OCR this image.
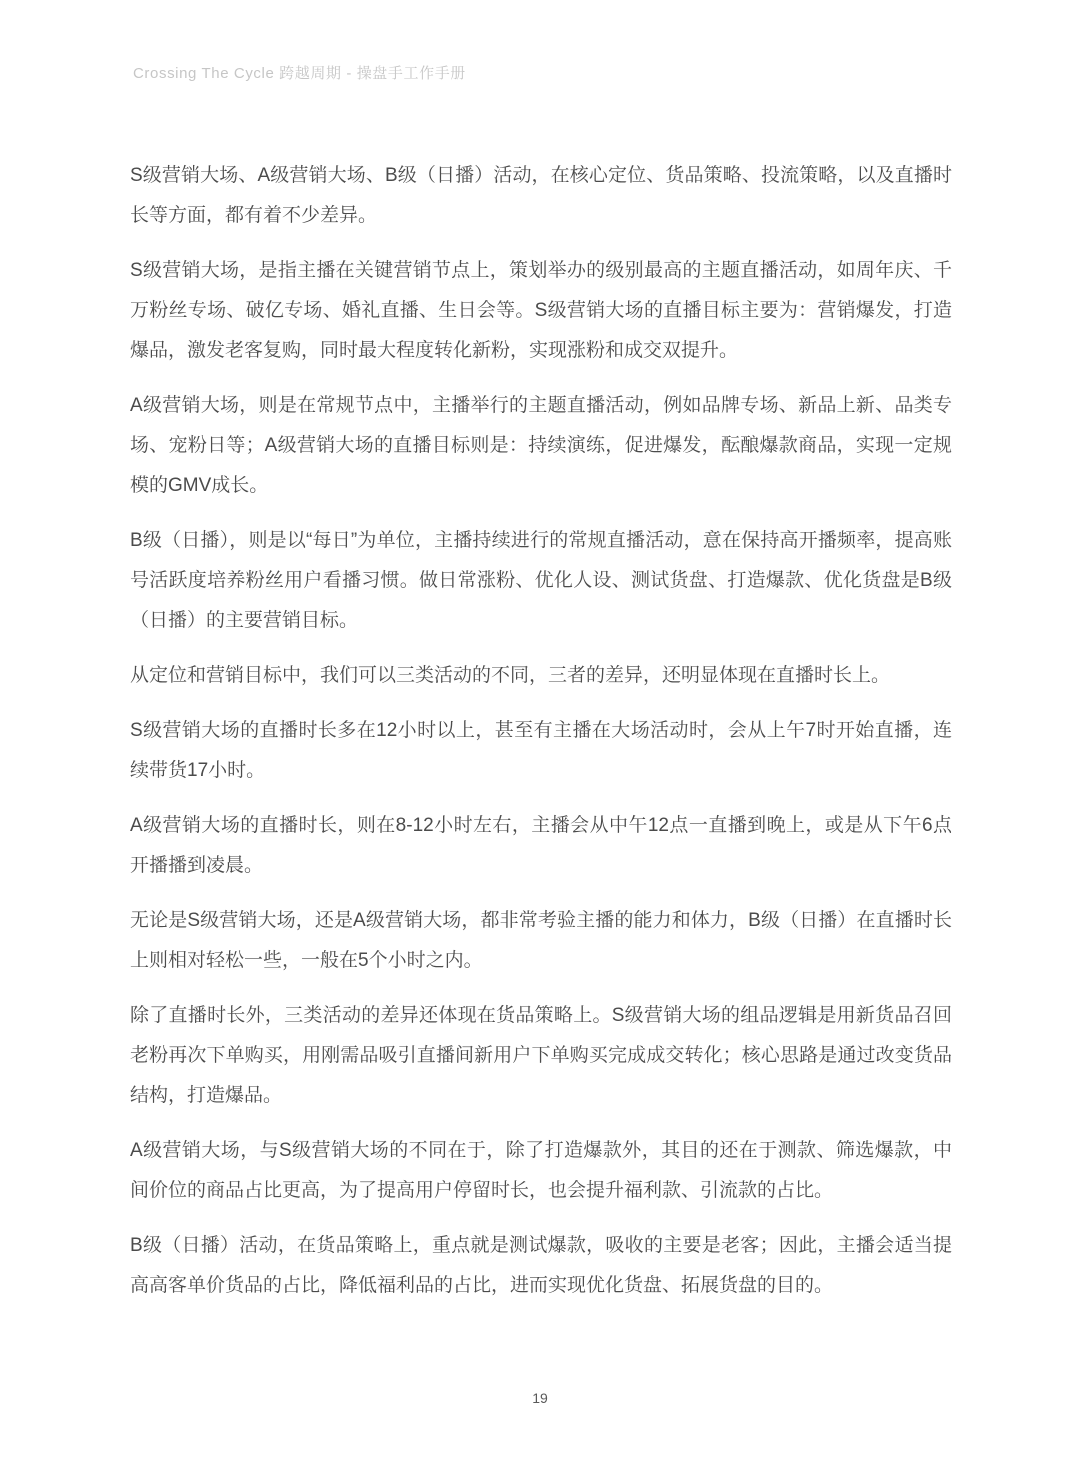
Crossing The Cycle 跨越周期 - 操盘手工作手册

S级营销大场、A级营销大场、B级（日播）活动，在核心定位、货品策略、投流策略，以及直播时长等方面，都有着不少差异。

S级营销大场，是指主播在关键营销节点上，策划举办的级别最高的主题直播活动，如周年庆、千万粉丝专场、破亿专场、婚礼直播、生日会等。S级营销大场的直播目标主要为：营销爆发，打造爆品，激发老客复购，同时最大程度转化新粉，实现涨粉和成交双提升。

A级营销大场，则是在常规节点中，主播举行的主题直播活动，例如品牌专场、新品上新、品类专场、宠粉日等；A级营销大场的直播目标则是：持续演练，促进爆发，酝酿爆款商品，实现一定规模的GMV成长。

B级（日播），则是以“每日”为单位，主播持续进行的常规直播活动，意在保持高开播频率，提高账号活跃度培养粉丝用户看播习惯。做日常涨粉、优化人设、测试货盘、打造爆款、优化货盘是B级（日播）的主要营销目标。

从定位和营销目标中，我们可以三类活动的不同，三者的差异，还明显体现在直播时长上。

S级营销大场的直播时长多在12小时以上，甚至有主播在大场活动时，会从上午7时开始直播，连续带货17小时。

A级营销大场的直播时长，则在8-12小时左右，主播会从中午12点一直播到晚上，或是从下午6点开播播到凌晨。

无论是S级营销大场，还是A级营销大场，都非常考验主播的能力和体力，B级（日播）在直播时长上则相对轻松一些，一般在5个小时之内。

除了直播时长外，三类活动的差异还体现在货品策略上。S级营销大场的组品逻辑是用新货品召回老粉再次下单购买，用刚需品吸引直播间新用户下单购买完成成交转化；核心思路是通过改变货品结构，打造爆品。

A级营销大场，与S级营销大场的不同在于，除了打造爆款外，其目的还在于测款、筛选爆款，中间价位的商品占比更高，为了提高用户停留时长，也会提升福利款、引流款的占比。

B级（日播）活动，在货品策略上，重点就是测试爆款，吸收的主要是老客；因此，主播会适当提高高客单价货品的占比，降低福利品的占比，进而实现优化货盘、拓展货盘的目的。

19
